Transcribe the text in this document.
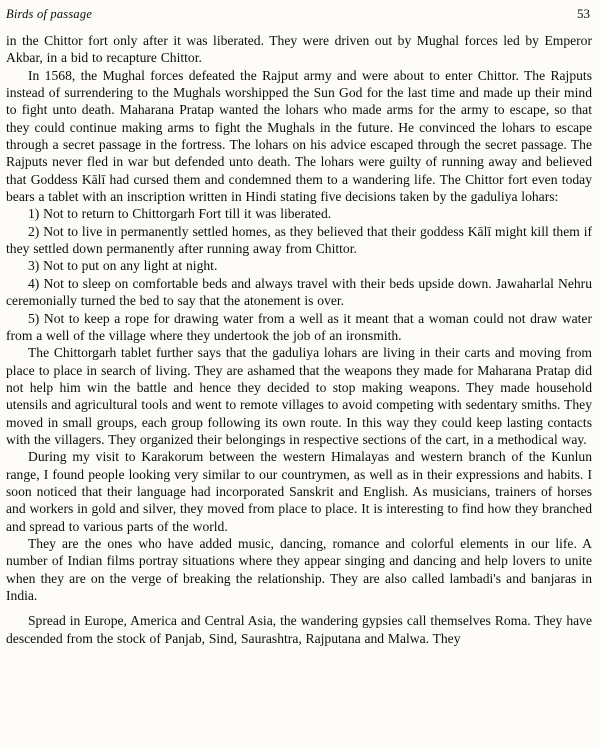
Birds of passage	53

in the Chittor fort only after it was liberated. They were driven out by Mughal forces led by Emperor Akbar, in a bid to recapture Chittor.

In 1568, the Mughal forces defeated the Rajput army and were about to enter Chittor. The Rajputs instead of surrendering to the Mughals worshipped the Sun God for the last time and made up their mind to fight unto death. Maharana Pratap wanted the lohars who made arms for the army to escape, so that they could continue making arms to fight the Mughals in the future. He convinced the lohars to escape through a secret passage in the fortress. The lohars on his advice escaped through the secret passage. The Rajputs never fled in war but defended unto death. The lohars were guilty of running away and believed that Goddess Kālī had cursed them and condemned them to a wandering life. The Chittor fort even today bears a tablet with an inscription written in Hindi stating five decisions taken by the gaduliya lohars:

1) Not to return to Chittorgarh Fort till it was liberated.

2) Not to live in permanently settled homes, as they believed that their goddess Kālī might kill them if they settled down permanently after running away from Chittor.

3) Not to put on any light at night.

4) Not to sleep on comfortable beds and always travel with their beds upside down. Jawaharlal Nehru ceremonially turned the bed to say that the atonement is over.

5) Not to keep a rope for drawing water from a well as it meant that a woman could not draw water from a well of the village where they undertook the job of an ironsmith.

The Chittorgarh tablet further says that the gaduliya lohars are living in their carts and moving from place to place in search of living. They are ashamed that the weapons they made for Maharana Pratap did not help him win the battle and hence they decided to stop making weapons. They made household utensils and agricultural tools and went to remote villages to avoid competing with sedentary smiths. They moved in small groups, each group following its own route. In this way they could keep lasting contacts with the villagers. They organized their belongings in respective sections of the cart, in a methodical way.

During my visit to Karakorum between the western Himalayas and western branch of the Kunlun range, I found people looking very similar to our countrymen, as well as in their expressions and habits. I soon noticed that their language had incorporated Sanskrit and English. As musicians, trainers of horses and workers in gold and silver, they moved from place to place. It is interesting to find how they branched and spread to various parts of the world.

They are the ones who have added music, dancing, romance and colorful elements in our life. A number of Indian films portray situations where they appear singing and dancing and help lovers to unite when they are on the verge of breaking the relationship. They are also called lambadi's and banjaras in India.

Spread in Europe, America and Central Asia, the wandering gypsies call themselves Roma. They have descended from the stock of Panjab, Sind, Saurashtra, Rajputana and Malwa. They
